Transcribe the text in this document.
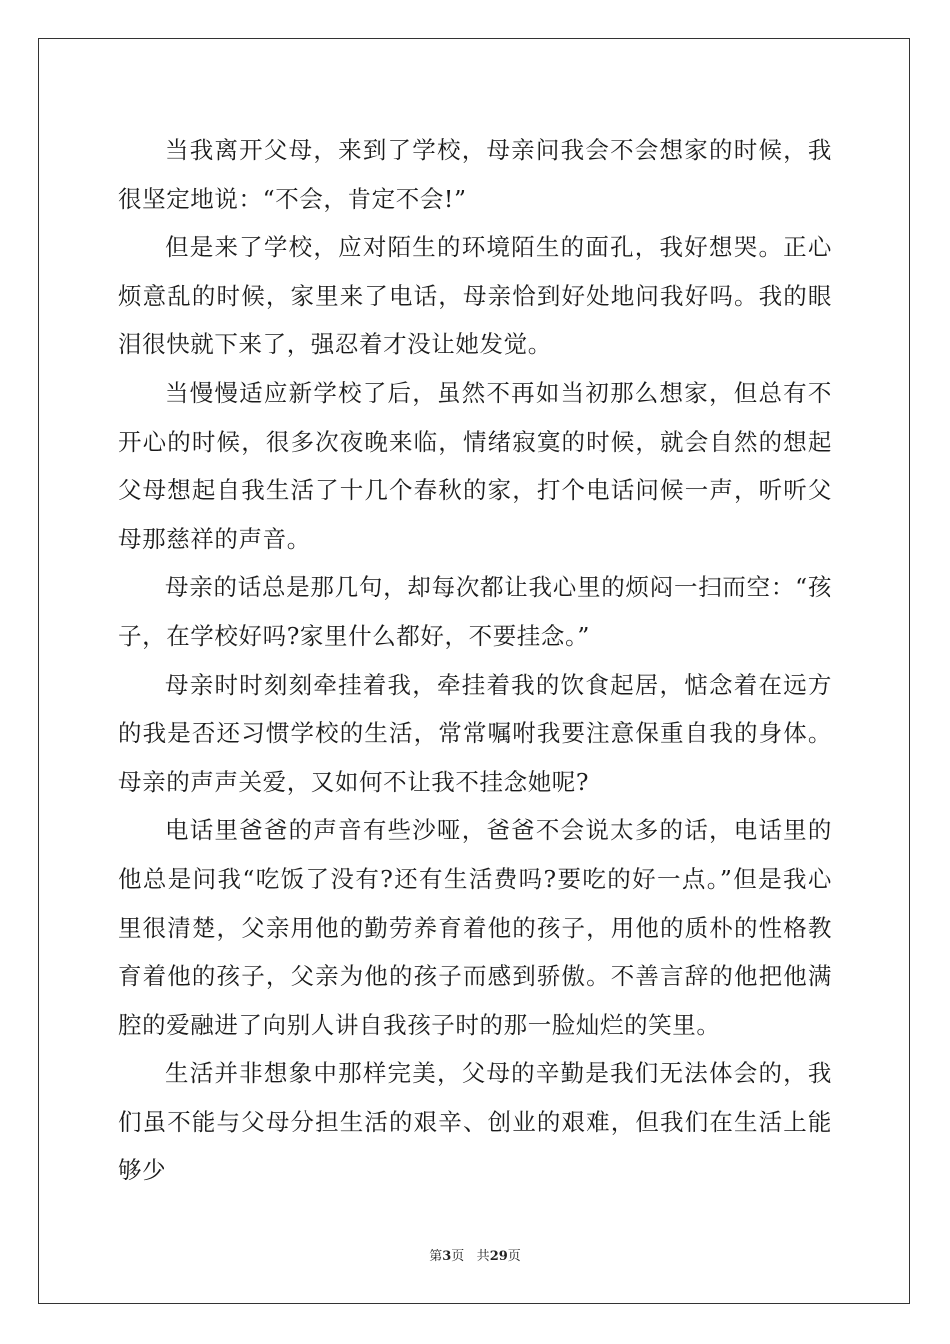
当我离开父母，来到了学校，母亲问我会不会想家的时候，我很坚定地说：“不会，肯定不会!”

但是来了学校，应对陌生的环境陌生的面孔，我好想哭。正心烦意乱的时候，家里来了电话，母亲恰到好处地问我好吗。我的眼泪很快就下来了，强忍着才没让她发觉。

当慢慢适应新学校了后，虽然不再如当初那么想家，但总有不开心的时候，很多次夜晚来临，情绪寂寞的时候，就会自然的想起父母想起自我生活了十几个春秋的家，打个电话问候一声，听听父母那慈祥的声音。

母亲的话总是那几句，却每次都让我心里的烦闷一扫而空：“孩子，在学校好吗?家里什么都好，不要挂念。”

母亲时时刻刻牵挂着我，牵挂着我的饮食起居，惦念着在远方的我是否还习惯学校的生活，常常嘱咐我要注意保重自我的身体。母亲的声声关爱，又如何不让我不挂念她呢?

电话里爸爸的声音有些沙哑，爸爸不会说太多的话，电话里的他总是问我“吃饭了没有?还有生活费吗?要吃的好一点。”但是我心里很清楚，父亲用他的勤劳养育着他的孩子，用他的质朴的性格教育着他的孩子，父亲为他的孩子而感到骄傲。不善言辞的他把他满腔的爱融进了向别人讲自我孩子时的那一脸灿烂的笑里。

生活并非想象中那样完美，父母的辛勤是我们无法体会的，我们虽不能与父母分担生活的艰辛、创业的艰难，但我们在生活上能够少

第3页 共29页
